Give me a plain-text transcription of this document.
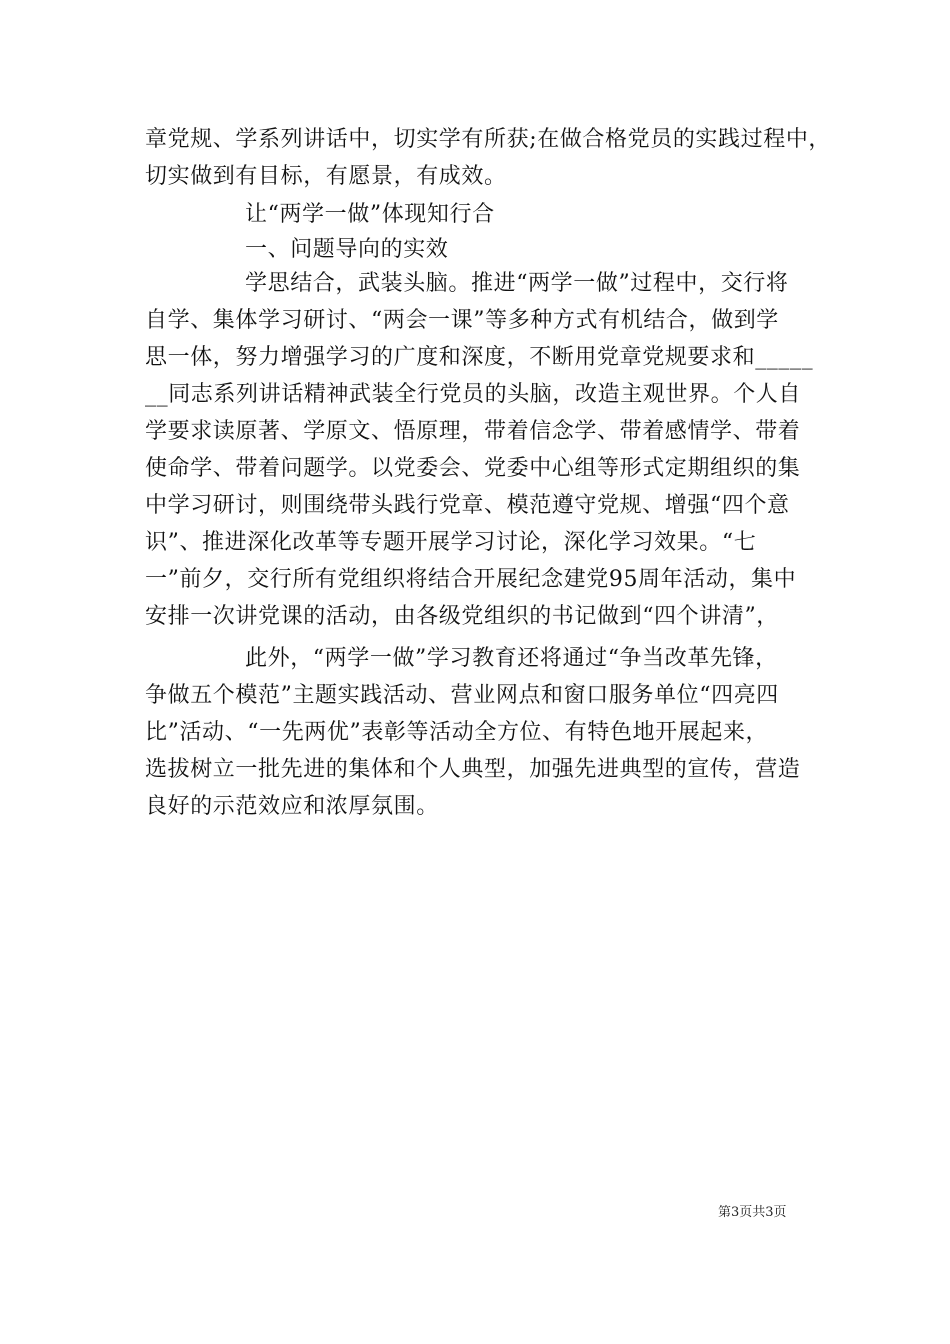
章党规、学系列讲话中，切实学有所获;在做合格党员的实践过程中，
切实做到有目标，有愿景，有成效。
让“两学一做”体现知行合
一、问题导向的实效
学思结合，武装头脑。推进“两学一做”过程中，交行将
自学、集体学习研讨、“两会一课”等多种方式有机结合，做到学
思一体，努力增强学习的广度和深度，不断用党章党规要求和_____
__同志系列讲话精神武装全行党员的头脑，改造主观世界。个人自
学要求读原著、学原文、悟原理，带着信念学、带着感情学、带着
使命学、带着问题学。以党委会、党委中心组等形式定期组织的集
中学习研讨，则围绕带头践行党章、模范遵守党规、增强“四个意
识”、推进深化改革等专题开展学习讨论，深化学习效果。“七
一”前夕，交行所有党组织将结合开展纪念建党95周年活动，集中
安排一次讲党课的活动，由各级党组织的书记做到“四个讲清”，
此外，“两学一做”学习教育还将通过“争当改革先锋，
争做五个模范”主题实践活动、营业网点和窗口服务单位“四亮四
比”活动、“一先两优”表彰等活动全方位、有特色地开展起来，
选拔树立一批先进的集体和个人典型，加强先进典型的宣传，营造
良好的示范效应和浓厚氛围。
第3页共3页
